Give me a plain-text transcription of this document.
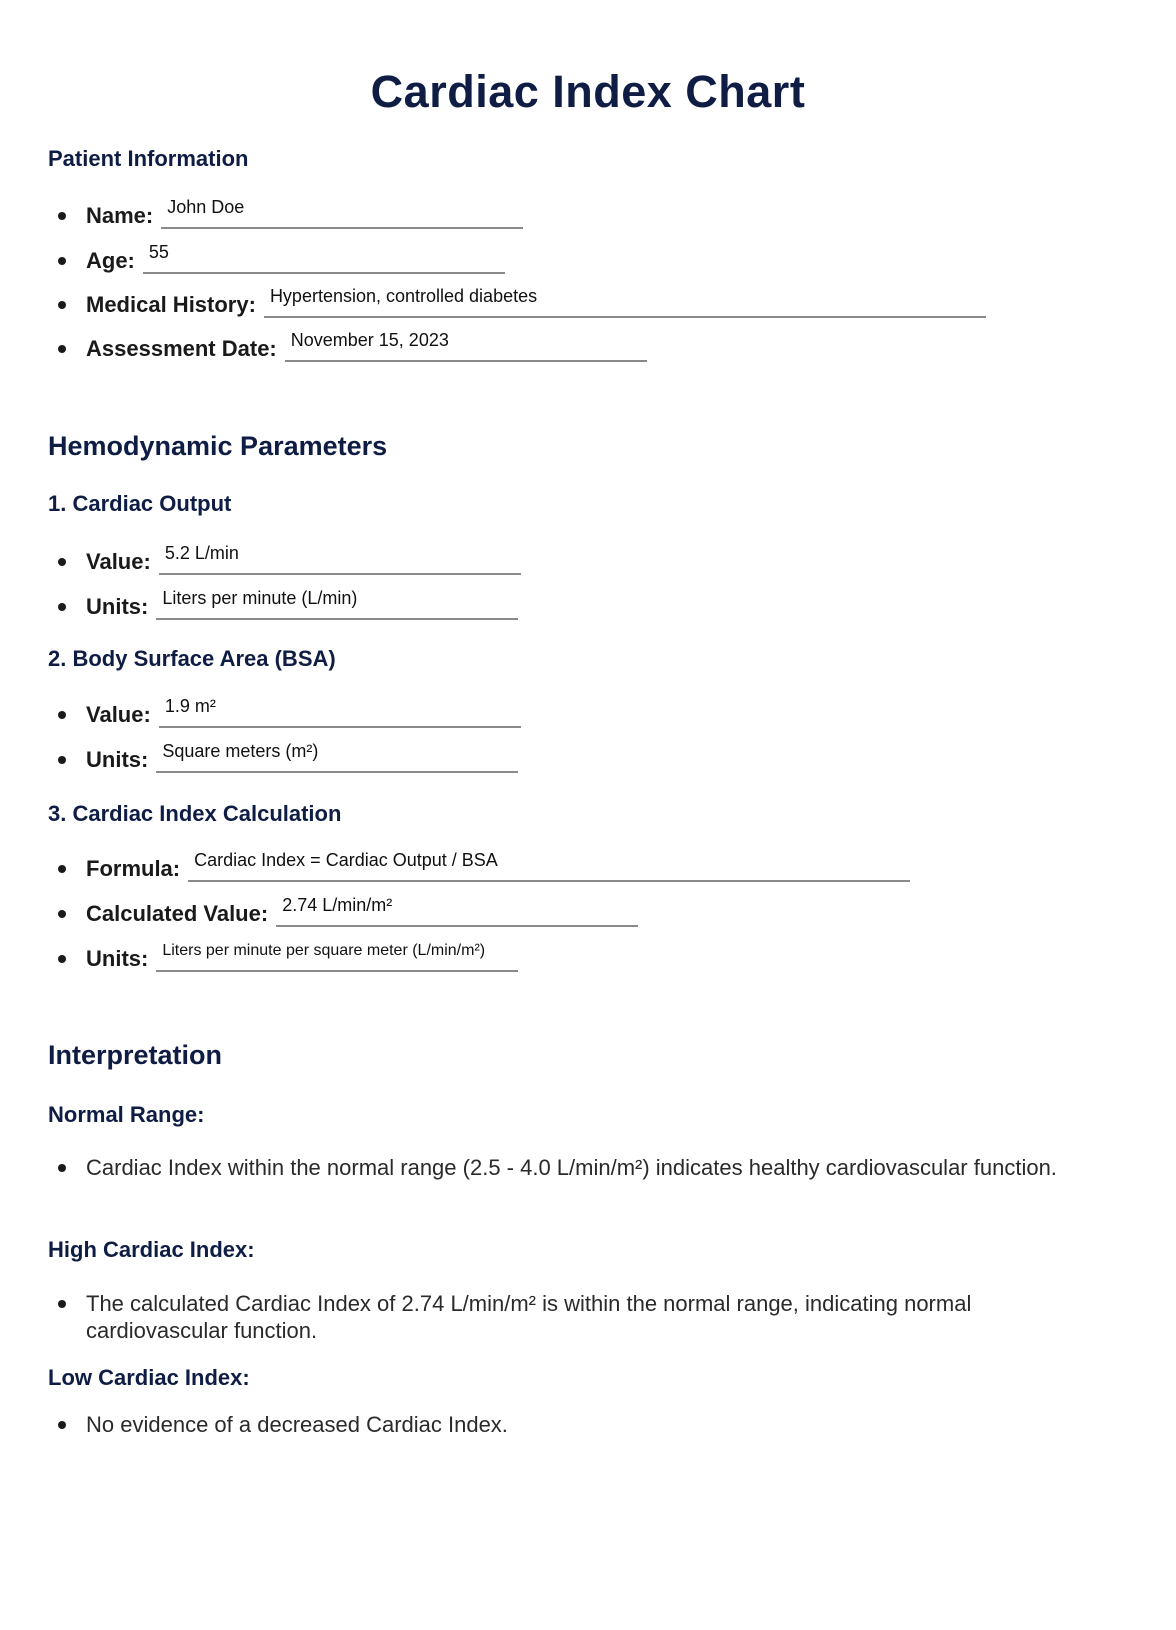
Cardiac Index Chart
Patient Information
Name: John Doe
Age: 55
Medical History: Hypertension, controlled diabetes
Assessment Date: November 15, 2023
Hemodynamic Parameters
1. Cardiac Output
Value: 5.2 L/min
Units: Liters per minute (L/min)
2. Body Surface Area (BSA)
Value: 1.9 m²
Units: Square meters (m²)
3. Cardiac Index Calculation
Formula: Cardiac Index = Cardiac Output / BSA
Calculated Value: 2.74 L/min/m²
Units: Liters per minute per square meter (L/min/m²)
Interpretation
Normal Range:
Cardiac Index within the normal range (2.5 - 4.0 L/min/m²) indicates healthy cardiovascular function.
High Cardiac Index:
The calculated Cardiac Index of 2.74 L/min/m² is within the normal range, indicating normal cardiovascular function.
Low Cardiac Index:
No evidence of a decreased Cardiac Index.
